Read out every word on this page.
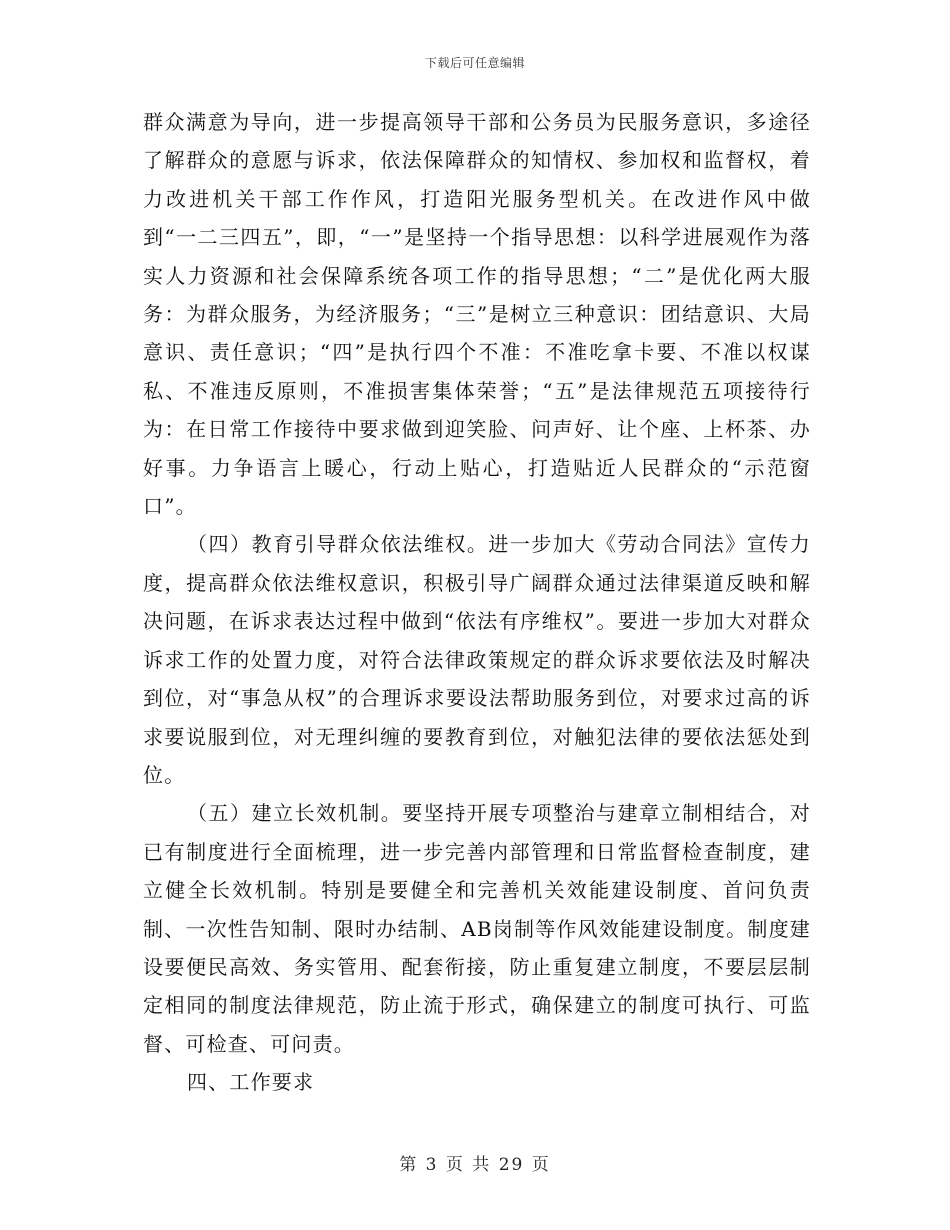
下载后可任意编辑

群众满意为导向，进一步提高领导干部和公务员为民服务意识，多途径了解群众的意愿与诉求，依法保障群众的知情权、参加权和监督权，着力改进机关干部工作作风，打造阳光服务型机关。在改进作风中做到“一二三四五”，即，“一”是坚持一个指导思想：以科学进展观作为落实人力资源和社会保障系统各项工作的指导思想；“二”是优化两大服务：为群众服务，为经济服务；“三”是树立三种意识：团结意识、大局意识、责任意识；“四”是执行四个不准：不准吃拿卡要、不准以权谋私、不准违反原则，不准损害集体荣誉；“五”是法律规范五项接待行为：在日常工作接待中要求做到迎笑脸、问声好、让个座、上杯茶、办好事。力争语言上暖心，行动上贴心，打造贴近人民群众的“示范窗口”。

（四）教育引导群众依法维权。进一步加大《劳动合同法》宣传力度，提高群众依法维权意识，积极引导广阔群众通过法律渠道反映和解决问题，在诉求表达过程中做到“依法有序维权”。要进一步加大对群众诉求工作的处置力度，对符合法律政策规定的群众诉求要依法及时解决到位，对“事急从权”的合理诉求要设法帮助服务到位，对要求过高的诉求要说服到位，对无理纠缠的要教育到位，对触犯法律的要依法惩处到位。

（五）建立长效机制。要坚持开展专项整治与建章立制相结合，对已有制度进行全面梳理，进一步完善内部管理和日常监督检查制度，建立健全长效机制。特别是要健全和完善机关效能建设制度、首问负责制、一次性告知制、限时办结制、AB岗制等作风效能建设制度。制度建设要便民高效、务实管用、配套衔接，防止重复建立制度，不要层层制定相同的制度法律规范，防止流于形式，确保建立的制度可执行、可监督、可检查、可问责。

四、工作要求

第 3 页 共 29 页
